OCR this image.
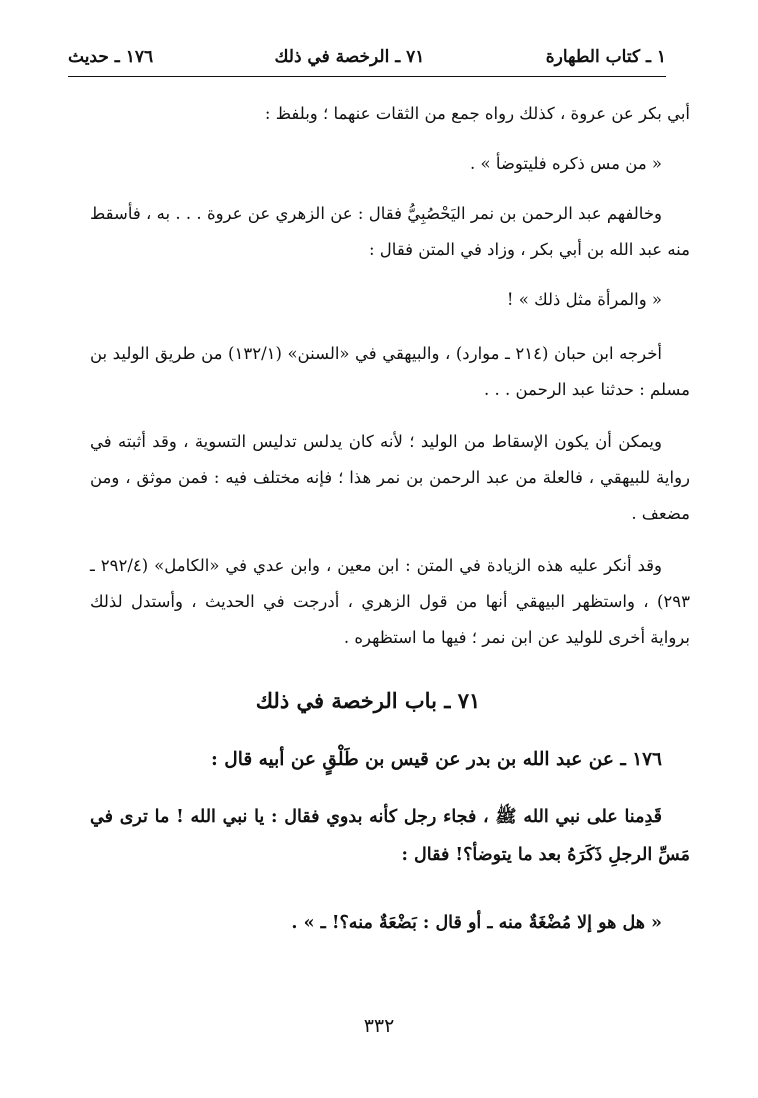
١ ـ كتاب الطهارة
٧١ ـ الرخصة في ذلك
١٧٦ ـ حديث
أبي بكر عن عروة ، كذلك رواه جمع من الثقات عنهما ؛ وبلفظ :
« من مس ذكره فليتوضأ » .
وخالفهم عبد الرحمن بن نمر اليَحْصُبِيُّ فقال : عن الزهري عن عروة . . . به ، فأسقط منه عبد الله بن أبي بكر ، وزاد في المتن فقال :
« والمرأة مثل ذلك » !
أخرجه ابن حبان (٢١٤ ـ موارد) ، والبيهقي في «السنن» (١٣٢/١) من طريق الوليد بن مسلم : حدثنا عبد الرحمن . . .
ويمكن أن يكون الإسقاط من الوليد ؛ لأنه كان يدلس تدليس التسوية ، وقد أثبته في رواية للبيهقي ، فالعلة من عبد الرحمن بن نمر هذا ؛ فإنه مختلف فيه : فمن موثق ، ومن مضعف .
وقد أنكر عليه هذه الزيادة في المتن : ابن معين ، وابن عدي في «الكامل» (٢٩٢/٤ ـ ٢٩٣) ، واستظهر البيهقي أنها من قول الزهري ، أدرجت في الحديث ، وأستدل لذلك برواية أخرى للوليد عن ابن نمر ؛ فيها ما استظهره .
٧١ ـ باب الرخصة في ذلك
١٧٦ ـ عن عبد الله بن بدر عن قيس بن طَلْقٍ عن أبيه قال :
قَدِمنا على نبي الله ﷺ ، فجاء رجل كأنه بدوي فقال : يا نبي الله ! ما ترى في مَسِّ الرجلِ ذَكَرَهُ بعد ما يتوضأ؟! فقال :
« هل هو إلا مُضْغَةٌ منه ـ أو قال : بَضْعَةٌ منه؟! ـ » .
٣٣٢
